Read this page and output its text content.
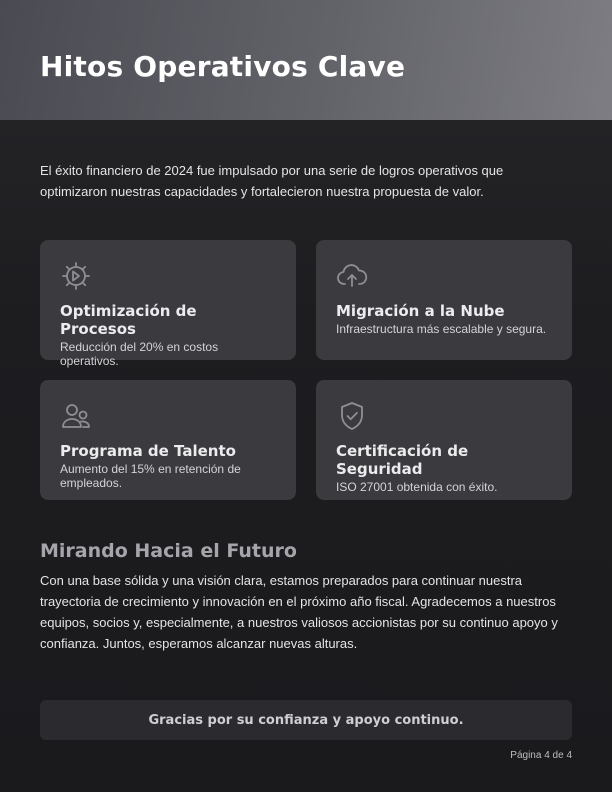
Hitos Operativos Clave

El éxito financiero de 2024 fue impulsado por una serie de logros operativos que optimizaron nuestras capacidades y fortalecieron nuestra propuesta de valor.

Optimización de Procesos

Reducción del 20% en costos operativos.

Migración a la Nube

Infraestructura más escalable y segura.

Programa de Talento

Aumento del 15% en retención de empleados.

Certificación de Seguridad

ISO 27001 obtenida con éxito.

Mirando Hacia el Futuro

Con una base sólida y una visión clara, estamos preparados para continuar nuestra trayectoria de crecimiento y innovación en el próximo año fiscal. Agradecemos a nuestros equipos, socios y, especialmente, a nuestros valiosos accionistas por su continuo apoyo y confianza. Juntos, esperamos alcanzar nuevas alturas.

Gracias por su confianza y apoyo continuo.
Página 4 de 4
